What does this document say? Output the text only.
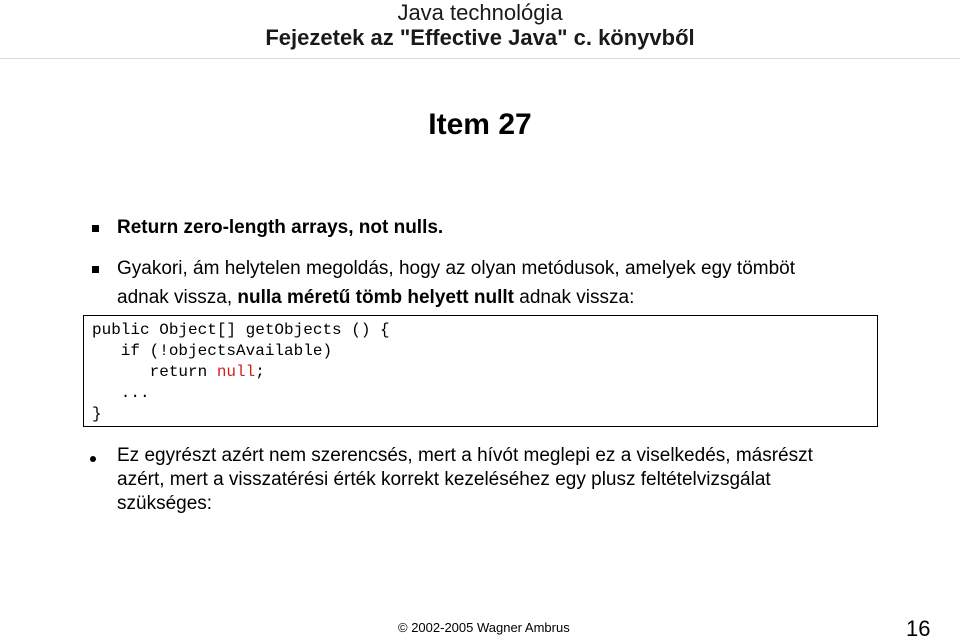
Java technológia
Fejezetek az "Effective Java" c. könyvből
Item 27
Return zero-length arrays, not nulls.
Gyakori, ám helytelen megoldás, hogy az olyan metódusok, amelyek egy tömböt
adnak vissza, nulla méretű tömb helyett nullt adnak vissza:
public Object[] getObjects () {
if (!objectsAvailable)
return null;
...
}
Ez egyrészt azért nem szerencsés, mert a hívót meglepi ez a viselkedés, másrészt
azért, mert a visszatérési érték korrekt kezeléséhez egy plusz feltételvizsgálat
szükséges:
© 2002-2005 Wagner Ambrus	16
